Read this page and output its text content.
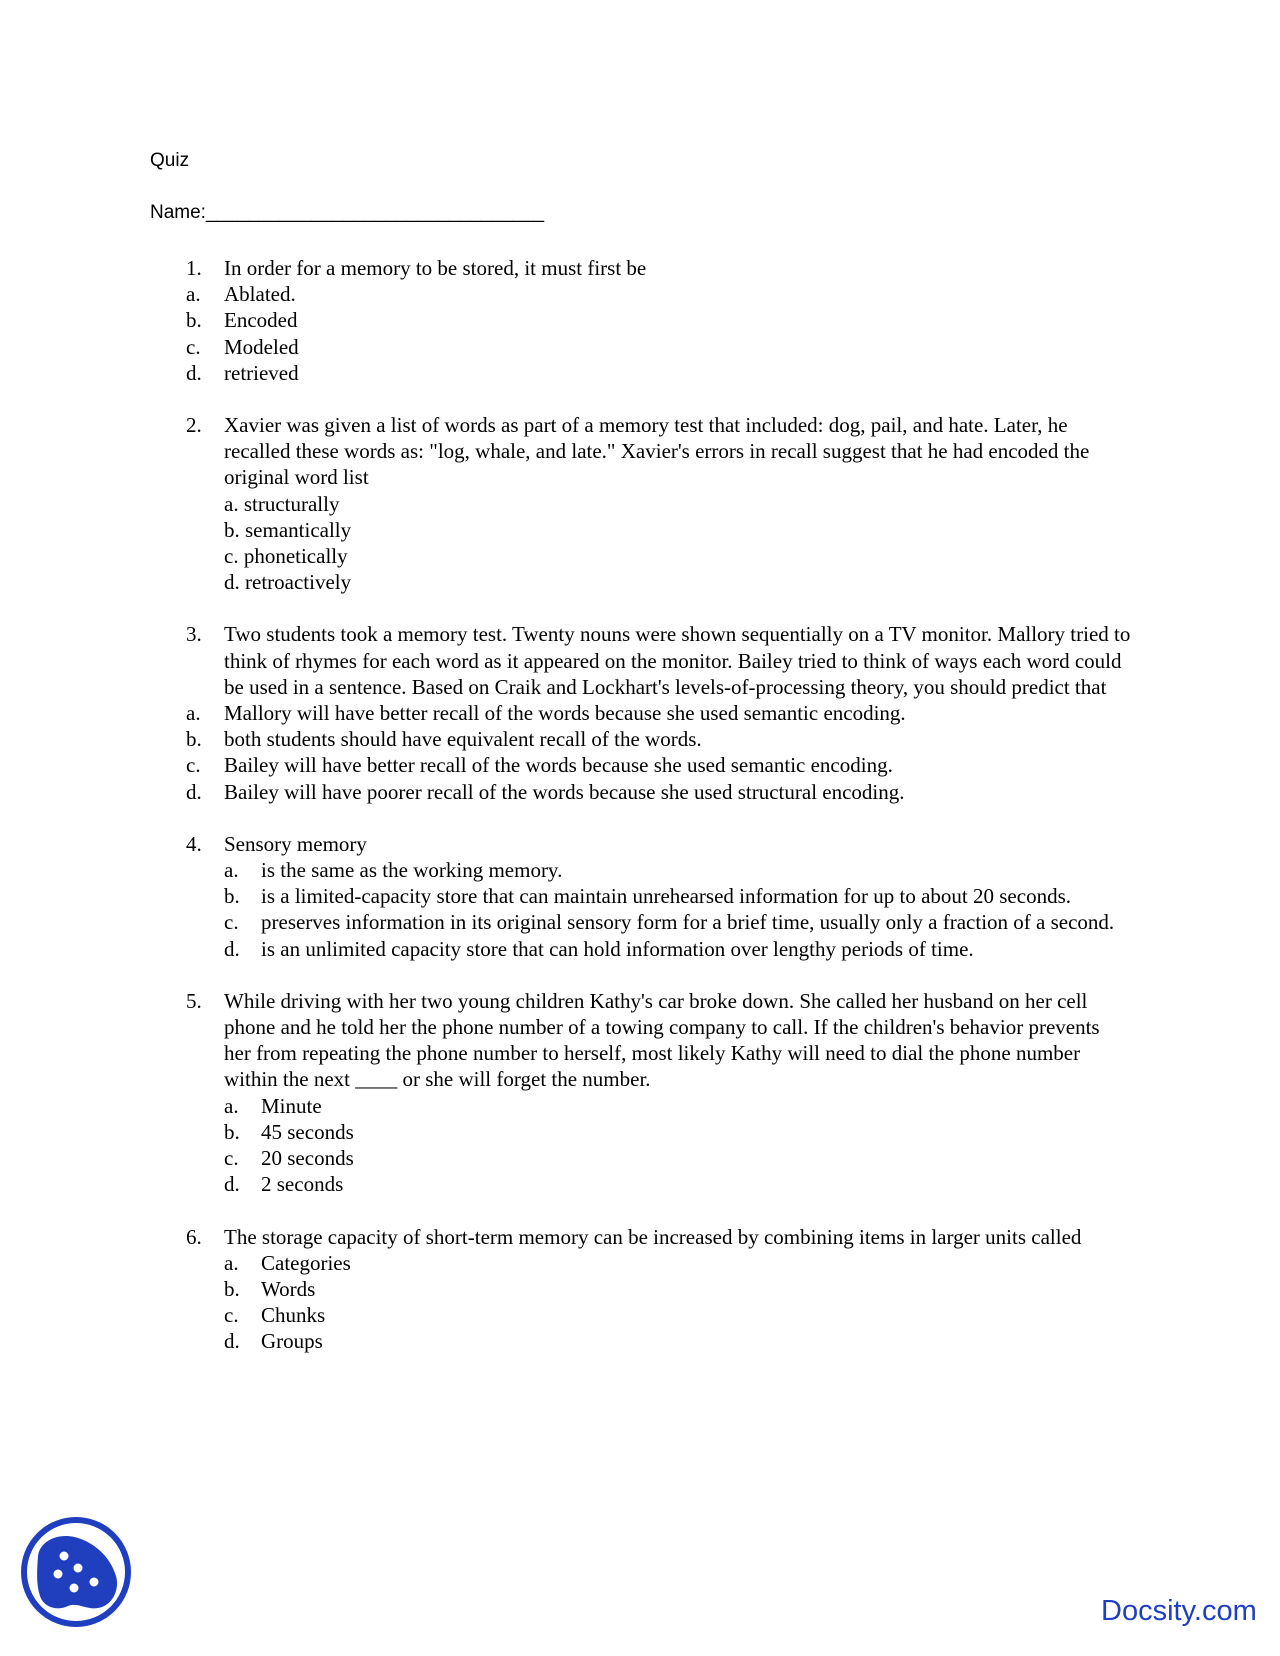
Quiz
Name:________________________________
1.	In order for a memory to be stored, it must first be
a.	Ablated.
b.	Encoded
c.	Modeled
d.	retrieved
2.	Xavier was given a list of words as part of a memory test that included: dog, pail, and hate. Later, he recalled these words as: "log, whale, and late." Xavier's errors in recall suggest that he had encoded the original word list
a. structurally
b. semantically
c. phonetically
d. retroactively
3.	Two students took a memory test. Twenty nouns were shown sequentially on a TV monitor. Mallory tried to think of rhymes for each word as it appeared on the monitor. Bailey tried to think of ways each word could be used in a sentence. Based on Craik and Lockhart's levels-of-processing theory, you should predict that
a.	Mallory will have better recall of the words because she used semantic encoding.
b.	both students should have equivalent recall of the words.
c.	Bailey will have better recall of the words because she used semantic encoding.
d.	Bailey will have poorer recall of the words because she used structural encoding.
4.	Sensory memory
a.	is the same as the working memory.
b.	is a limited-capacity store that can maintain unrehearsed information for up to about 20 seconds.
c.	preserves information in its original sensory form for a brief time, usually only a fraction of a second.
d.	is an unlimited capacity store that can hold information over lengthy periods of time.
5.	While driving with her two young children Kathy's car broke down. She called her husband on her cell phone and he told her the phone number of a towing company to call. If the children's behavior prevents her from repeating the phone number to herself, most likely Kathy will need to dial the phone number within the next ____ or she will forget the number.
a.	Minute
b.	45 seconds
c.	20 seconds
d.	2 seconds
6.	The storage capacity of short-term memory can be increased by combining items in larger units called
a.	Categories
b.	Words
c.	Chunks
d.	Groups
Docsity.com
